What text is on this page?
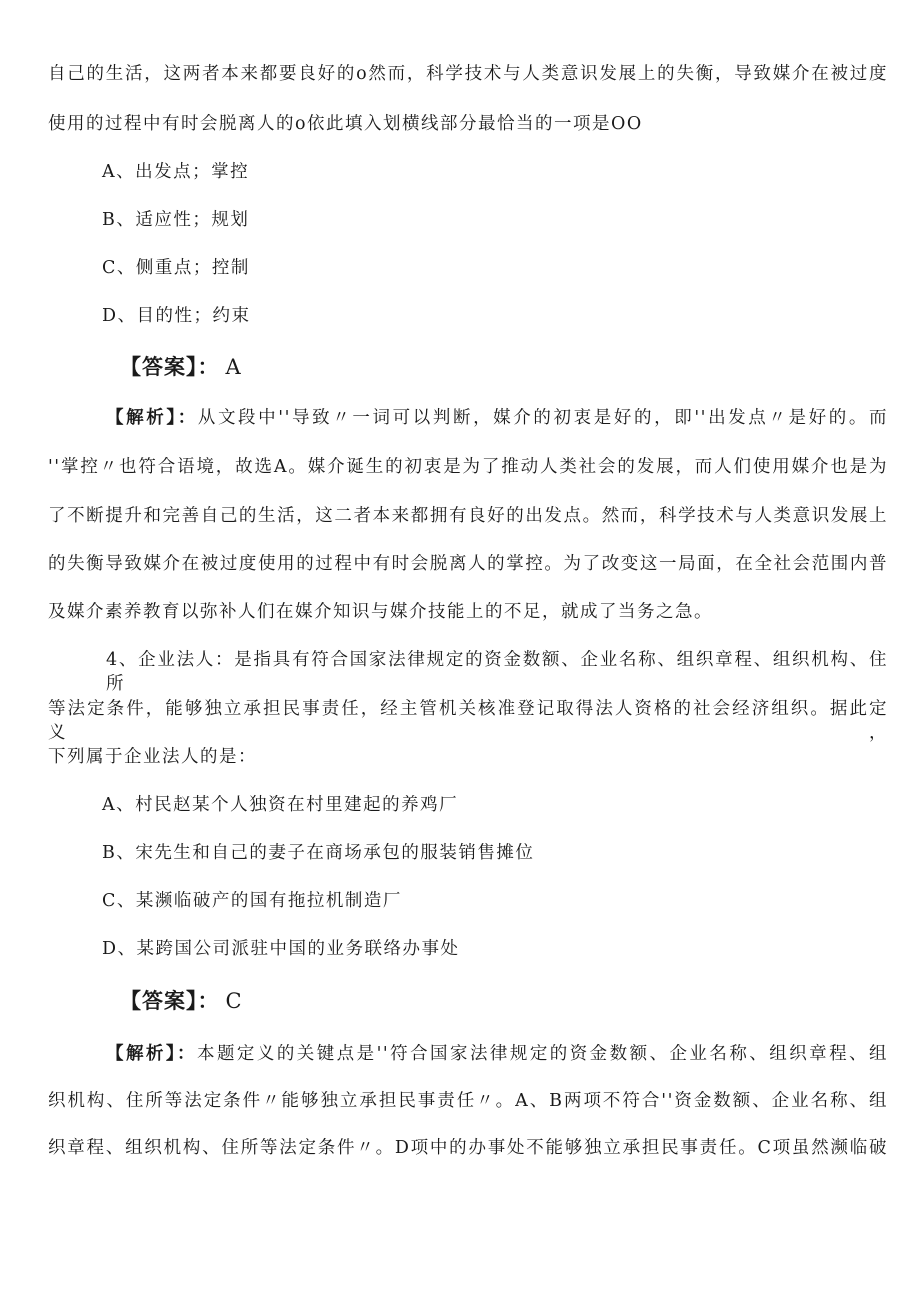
自己的生活，这两者本来都要良好的o然而，科学技术与人类意识发展上的失衡，导致媒介在被过度
使用的过程中有时会脱离人的o依此填入划横线部分最恰当的一项是OO
A、出发点；掌控
B、适应性；规划
C、侧重点；控制
D、目的性；约束
【答案】： A
【解析】：从文段中''导致〃一词可以判断，媒介的初衷是好的，即''出发点〃是好的。而
''掌控〃也符合语境，故选A。媒介诞生的初衷是为了推动人类社会的发展，而人们使用媒介也是为
了不断提升和完善自己的生活，这二者本来都拥有良好的出发点。然而，科学技术与人类意识发展上
的失衡导致媒介在被过度使用的过程中有时会脱离人的掌控。为了改变这一局面，在全社会范围内普
及媒介素养教育以弥补人们在媒介知识与媒介技能上的不足，就成了当务之急。
4、企业法人：是指具有符合国家法律规定的资金数额、企业名称、组织章程、组织机构、住所
等法定条件，能够独立承担民事责任，经主管机关核准登记取得法人资格的社会经济组织。据此定义，
下列属于企业法人的是：
A、村民赵某个人独资在村里建起的养鸡厂
B、宋先生和自己的妻子在商场承包的服装销售摊位
C、某濒临破产的国有拖拉机制造厂
D、某跨国公司派驻中国的业务联络办事处
【答案】： C
【解析】：本题定义的关键点是''符合国家法律规定的资金数额、企业名称、组织章程、组
织机构、住所等法定条件〃能够独立承担民事责任〃。A、B两项不符合''资金数额、企业名称、组
织章程、组织机构、住所等法定条件〃。D项中的办事处不能够独立承担民事责任。C项虽然濒临破
